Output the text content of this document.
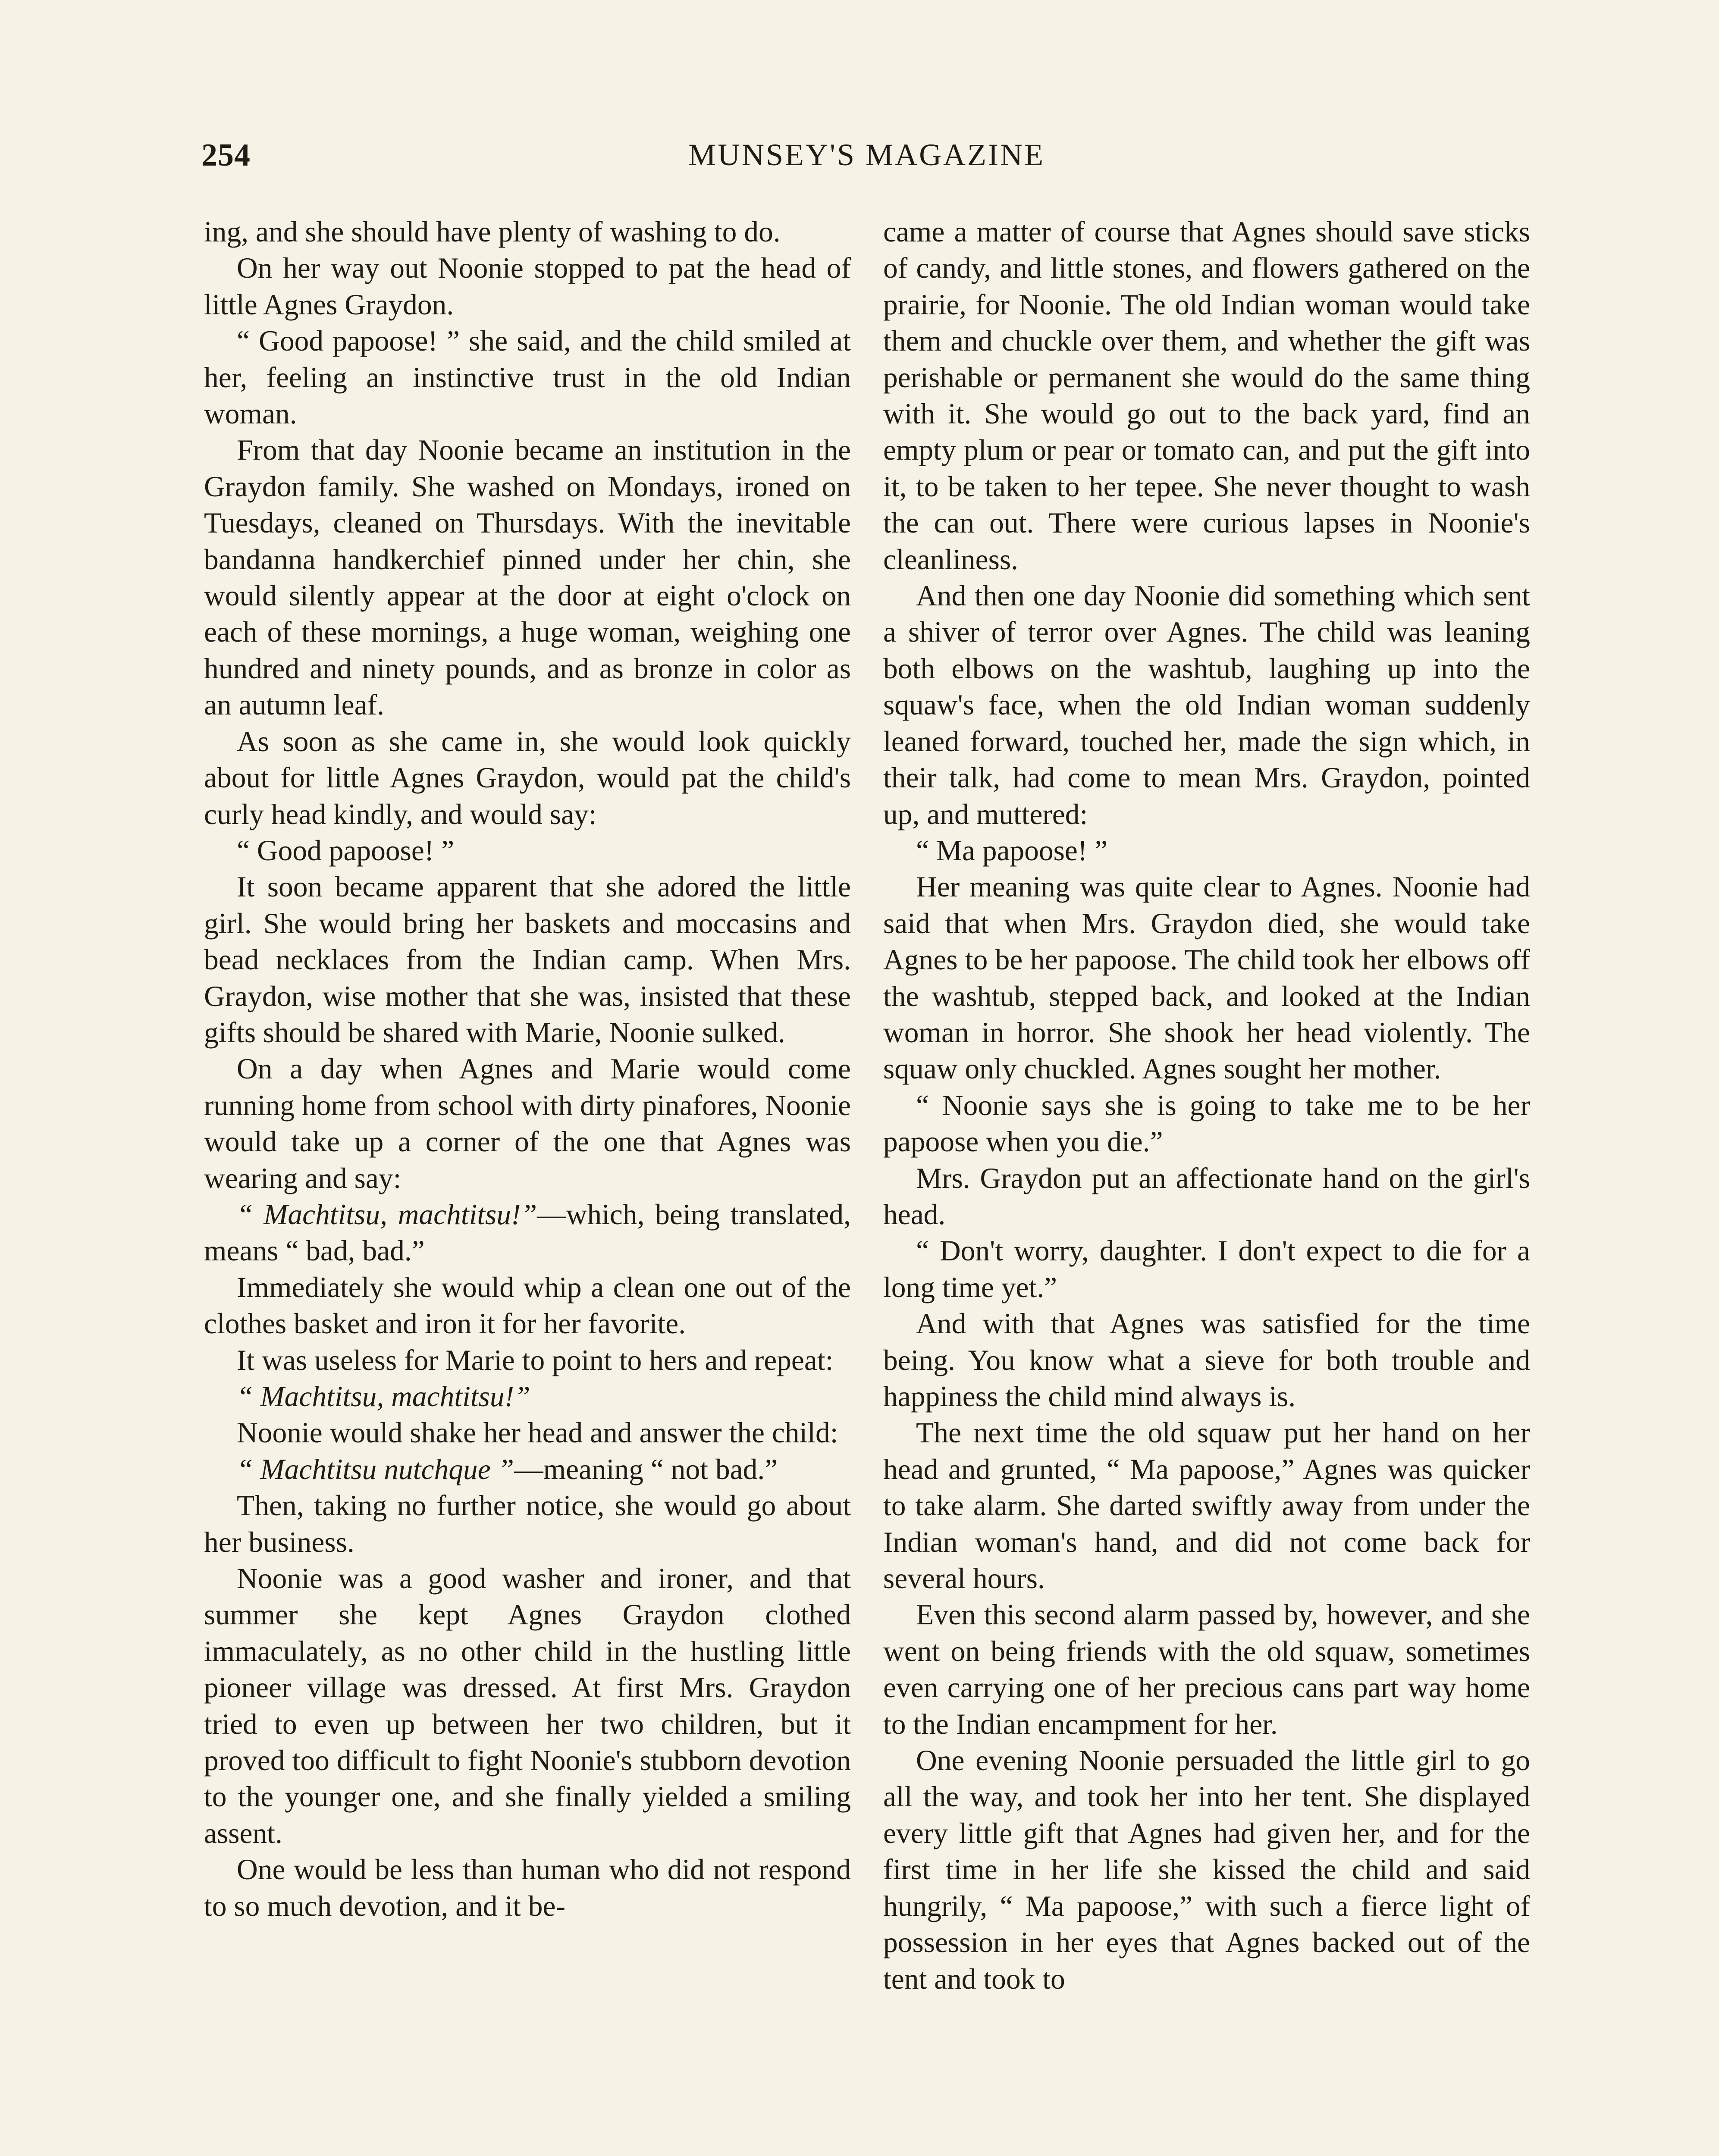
254	MUNSEY'S MAGAZINE

ing, and she should have plenty of washing to do.

On her way out Noonie stopped to pat the head of little Agnes Graydon.

“ Good papoose! ” she said, and the child smiled at her, feeling an instinctive trust in the old Indian woman.

From that day Noonie became an institution in the Graydon family. She washed on Mondays, ironed on Tuesdays, cleaned on Thursdays. With the inevitable bandanna handkerchief pinned under her chin, she would silently appear at the door at eight o'clock on each of these mornings, a huge woman, weighing one hundred and ninety pounds, and as bronze in color as an autumn leaf.

As soon as she came in, she would look quickly about for little Agnes Graydon, would pat the child's curly head kindly, and would say:

“ Good papoose! ”

It soon became apparent that she adored the little girl. She would bring her baskets and moccasins and bead necklaces from the Indian camp. When Mrs. Graydon, wise mother that she was, insisted that these gifts should be shared with Marie, Noonie sulked.

On a day when Agnes and Marie would come running home from school with dirty pinafores, Noonie would take up a corner of the one that Agnes was wearing and say:

“ Machtitsu, machtitsu!”—which, being translated, means “ bad, bad.”

Immediately she would whip a clean one out of the clothes basket and iron it for her favorite.

It was useless for Marie to point to hers and repeat:

“ Machtitsu, machtitsu!”

Noonie would shake her head and answer the child:

“ Machtitsu nutchque ”—meaning “ not bad.”

Then, taking no further notice, she would go about her business.

Noonie was a good washer and ironer, and that summer she kept Agnes Graydon clothed immaculately, as no other child in the hustling little pioneer village was dressed. At first Mrs. Graydon tried to even up between her two children, but it proved too difficult to fight Noonie's stubborn devotion to the younger one, and she finally yielded a smiling assent.

One would be less than human who did not respond to so much devotion, and it be-

came a matter of course that Agnes should save sticks of candy, and little stones, and flowers gathered on the prairie, for Noonie. The old Indian woman would take them and chuckle over them, and whether the gift was perishable or permanent she would do the same thing with it. She would go out to the back yard, find an empty plum or pear or tomato can, and put the gift into it, to be taken to her tepee. She never thought to wash the can out. There were curious lapses in Noonie's cleanliness.

And then one day Noonie did something which sent a shiver of terror over Agnes. The child was leaning both elbows on the washtub, laughing up into the squaw's face, when the old Indian woman suddenly leaned forward, touched her, made the sign which, in their talk, had come to mean Mrs. Graydon, pointed up, and muttered:

“ Ma papoose! ”

Her meaning was quite clear to Agnes. Noonie had said that when Mrs. Graydon died, she would take Agnes to be her papoose. The child took her elbows off the washtub, stepped back, and looked at the Indian woman in horror. She shook her head violently. The squaw only chuckled. Agnes sought her mother.

“ Noonie says she is going to take me to be her papoose when you die.”

Mrs. Graydon put an affectionate hand on the girl's head.

“ Don't worry, daughter. I don't expect to die for a long time yet.”

And with that Agnes was satisfied for the time being. You know what a sieve for both trouble and happiness the child mind always is.

The next time the old squaw put her hand on her head and grunted, “ Ma papoose,” Agnes was quicker to take alarm. She darted swiftly away from under the Indian woman's hand, and did not come back for several hours.

Even this second alarm passed by, however, and she went on being friends with the old squaw, sometimes even carrying one of her precious cans part way home to the Indian encampment for her.

One evening Noonie persuaded the little girl to go all the way, and took her into her tent. She displayed every little gift that Agnes had given her, and for the first time in her life she kissed the child and said hungrily, “ Ma papoose,” with such a fierce light of possession in her eyes that Agnes backed out of the tent and took to
